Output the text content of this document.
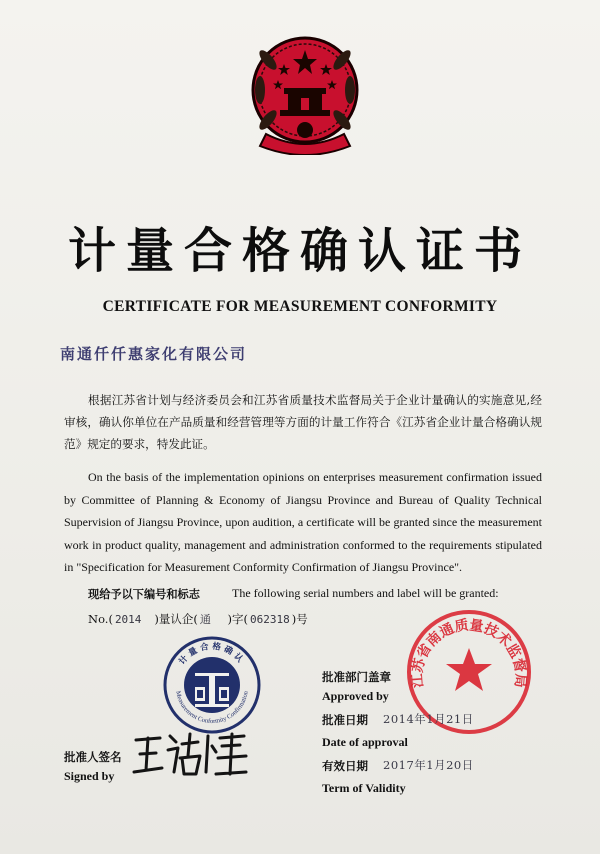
计量合格确认证书
CERTIFICATE FOR MEASUREMENT CONFORMITY
南通仟仟惠家化有限公司
根据江苏省计划与经济委员会和江苏省质量技术监督局关于企业计量确认的实施意见,经审核，确认你单位在产品质量和经营管理等方面的计量工作符合《江苏省企业计量合格确认规范》规定的要求，特发此证。
On the basis of the implementation opinions on enterprises measurement confirmation issued by Committee of Planning & Economy of Jiangsu Province and Bureau of Quality Technical Supervision of Jiangsu Province, upon audition, a certificate will be granted since the measurement work in product quality, management and administration conformed to the requirements stipulated in "Specification for Measurement Conformity Confirmation of Jiangsu Province".
现给予以下编号和标志	The following serial numbers and label will be granted:
No.( 2014 )量认企( 通 )字( 062318 )号
计量合格确认
Measurement Conformity Confirmation
江苏省南通质量技术监督局
批准部门盖章
Approved by
批准日期 2014年1月21日
Date of approval
有效日期 2017年1月20日
Term of Validity
批准人签名
Signed by
